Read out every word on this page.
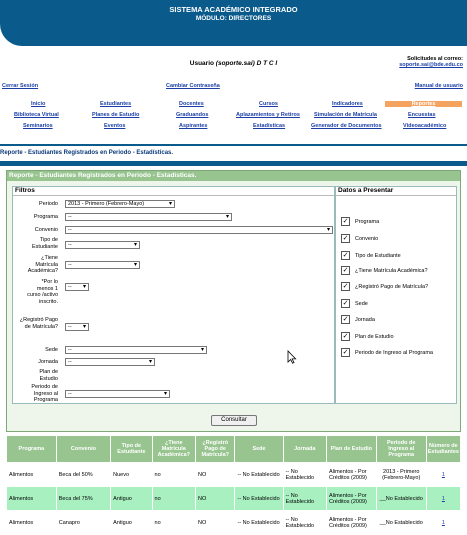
SISTEMA ACADÉMICO INTEGRADO
MÓDULO: DIRECTORES
Usuario (soporte.sai) D T C I
Solicitudes al correo:
soporte.sai@bde.edu.co
Cerrar Sesión	Cambiar Contraseña	Manual de usuario
Inicio	Estudiantes	Docentes	Cursos	Indicadores	Reportes
Biblioteca Virtual	Planes de Estudio	Graduandos	Aplazamientos y Retiros	Simulación de Matrícula	Encuestas
Seminarios	Eventos	Aspirantes	Estadísticas	Generador de Documentos	Videoacadémico
Reporte - Estudiantes Registrados en Periodo - Estadísticas.
Reporte - Estudiantes Registrados en Periodo - Estadísticas.
Filtros
Periodo	2013 - Primero (Febrero-Mayo)	▾
Programa	--	▾
Convenio	--	▾
Tipo de Estudiante	--	▾
¿Tiene Matrícula Académica?
--	▾
*Por lo menos 1 curso /activo inscrito.
-- ▾
¿Registró Pago de Matrícula?	-- ▾
Sede	--	▾
Jornada	--	▾
Plan de Estudio
Periodo de Ingreso al Programa
--	▾
Datos a Presentar
✓ Programa
✓ Convenio
✓ Tipo de Estudiante
✓ ¿Tiene Matrícula Académica?
✓ ¿Registró Pago de Matrícula?
✓ Sede
✓ Jornada
✓ Plan de Estudio
✓ Periodo de Ingreso al Programa
Consultar
Programa	Convenio	Tipo de Estudiante	¿Tiene Matrícula Académica?	¿Registró Pago de Matrícula?	Sede	Jornada	Plan de Estudio	Periodo de Ingreso al Programa	Número de Estudiantes
Alimentos	Beca del 50%	Nuevo	no	NO	-- No Establecido	-- No Establecido	Alimentos - Por Créditos (2009)	2013 - Primero (Febrero-Mayo)	1
Alimentos	Beca del 75%	Antiguo	no	NO	-- No Establecido	-- No Establecido	Alimentos - Por Créditos (2009)	__No Establecido	1
Alimentos	Canapro	Antiguo	no	NO	-- No Establecido	-- No Establecido	Alimentos - Por Créditos (2009)	__No Establecido	1
